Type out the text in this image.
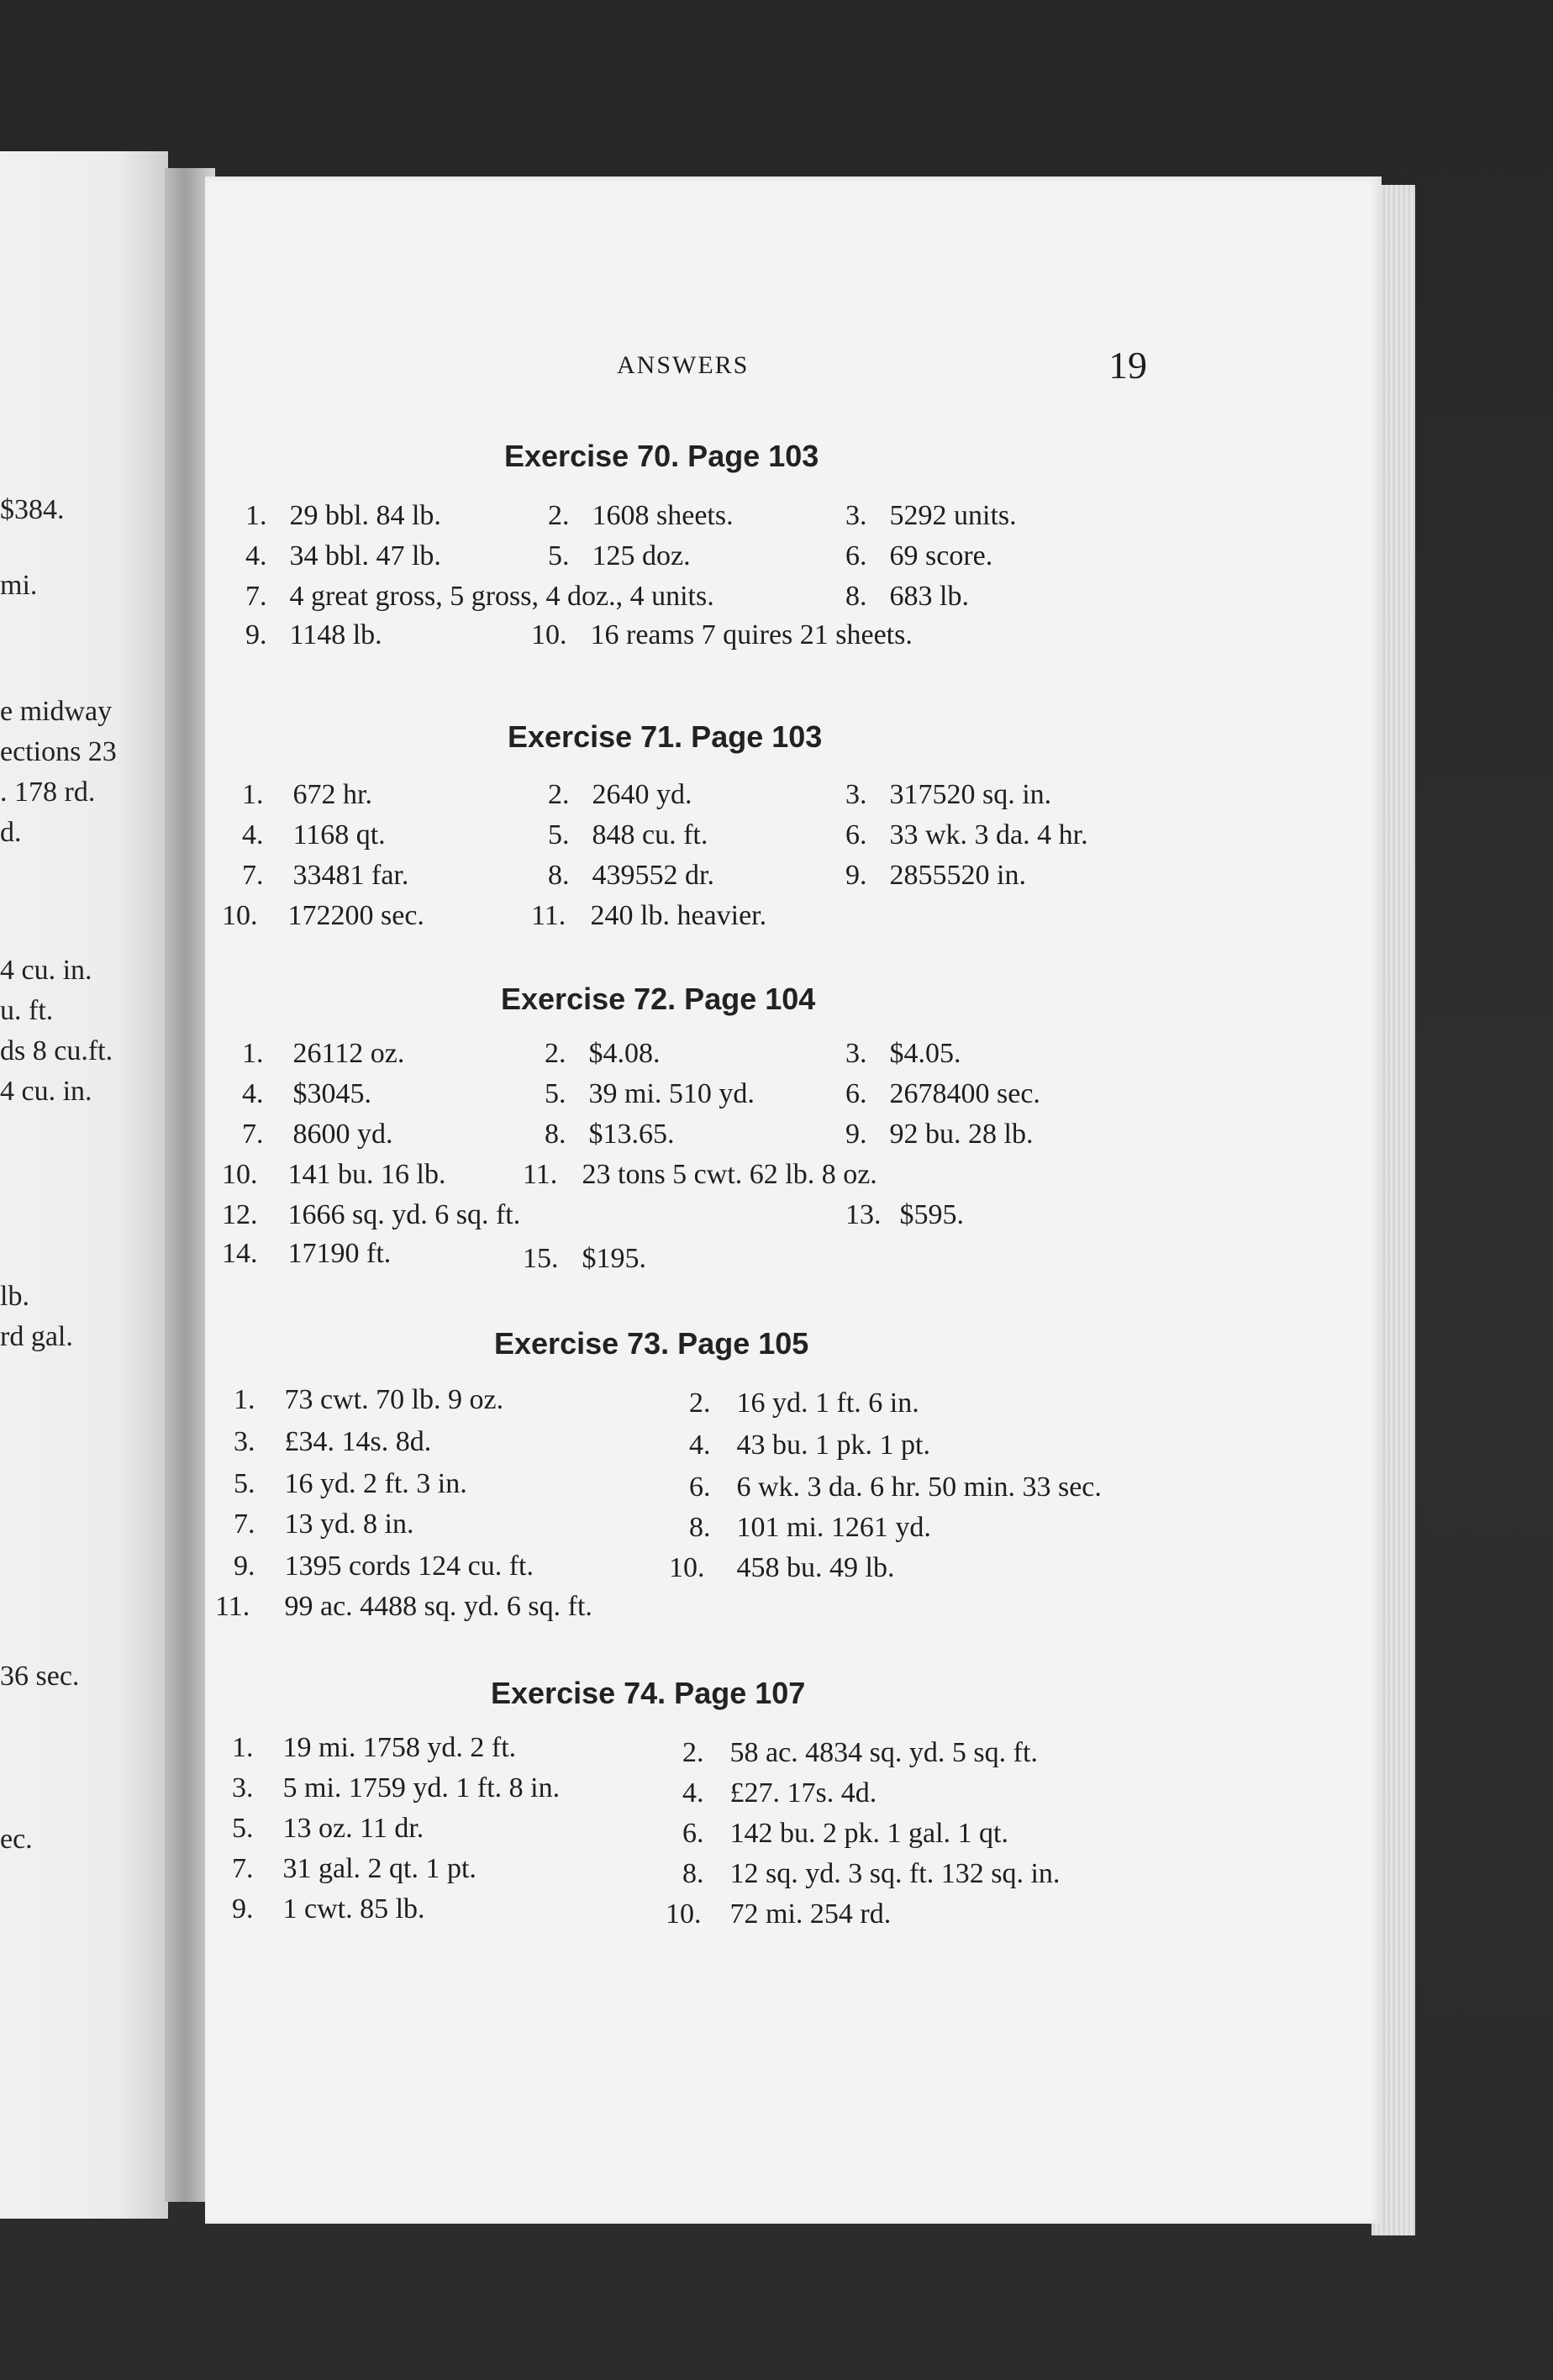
$384.
mi.
e midway
ections 23
. 178 rd.
d.
4 cu. in.
u. ft.
ds 8 cu.ft.
4 cu. in.
lb.
rd gal.
36 sec.
ec.
ANSWERS	19
Exercise 70. Page 103
1. 29 bbl. 84 lb.	2. 1608 sheets.	3. 5292 units.
4. 34 bbl. 47 lb.	5. 125 doz.	6. 69 score.
7. 4 great gross, 5 gross, 4 doz., 4 units.	8. 683 lb.
9. 1148 lb.	10. 16 reams 7 quires 21 sheets.
Exercise 71. Page 103
1. 672 hr.	2. 2640 yd.	3. 317520 sq. in.
4. 1168 qt.	5. 848 cu. ft.	6. 33 wk. 3 da. 4 hr.
7. 33481 far.	8. 439552 dr.	9. 2855520 in.
10. 172200 sec.	11. 240 lb. heavier.
Exercise 72. Page 104
1. 26112 oz.	2. $4.08.	3. $4.05.
4. $3045.	5. 39 mi. 510 yd.	6. 2678400 sec.
7. 8600 yd.	8. $13.65.	9. 92 bu. 28 lb.
10. 141 bu. 16 lb.	11. 23 tons 5 cwt. 62 lb. 8 oz.
12. 1666 sq. yd. 6 sq. ft.	13. $595.
14. 17190 ft.	15. $195.
Exercise 73. Page 105
1. 73 cwt. 70 lb. 9 oz.	2. 16 yd. 1 ft. 6 in.
3. £34. 14s. 8d.	4. 43 bu. 1 pk. 1 pt.
5. 16 yd. 2 ft. 3 in.	6. 6 wk. 3 da. 6 hr. 50 min. 33 sec.
7. 13 yd. 8 in.	8. 101 mi. 1261 yd.
9. 1395 cords 124 cu. ft.	10. 458 bu. 49 lb.
11. 99 ac. 4488 sq. yd. 6 sq. ft.
Exercise 74. Page 107
1. 19 mi. 1758 yd. 2 ft.	2. 58 ac. 4834 sq. yd. 5 sq. ft.
3. 5 mi. 1759 yd. 1 ft. 8 in.	4. £27. 17s. 4d.
5. 13 oz. 11 dr.	6. 142 bu. 2 pk. 1 gal. 1 qt.
7. 31 gal. 2 qt. 1 pt.	8. 12 sq. yd. 3 sq. ft. 132 sq. in.
9. 1 cwt. 85 lb.	10. 72 mi. 254 rd.
